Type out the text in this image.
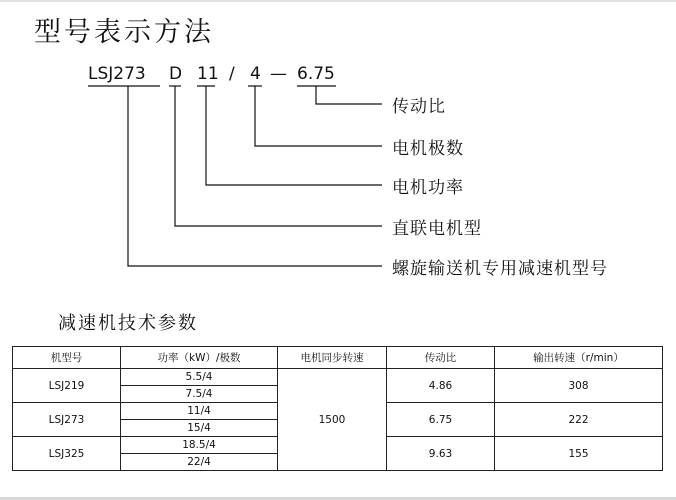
型号表示方法
LSJ273 D 11 / 4 — 6.75
传动比
电机极数
电机功率
直联电机型
螺旋输送机专用减速机型号
减速机技术参数
机型号	功率（kW）/极数	电机同步转速	传动比	输出转速（r/min）
LSJ219	5.5/4	1500	4.86	308
	7.5/4			
LSJ273	11/4		6.75	222
	15/4			
LSJ325	18.5/4		9.63	155
	22/4			
